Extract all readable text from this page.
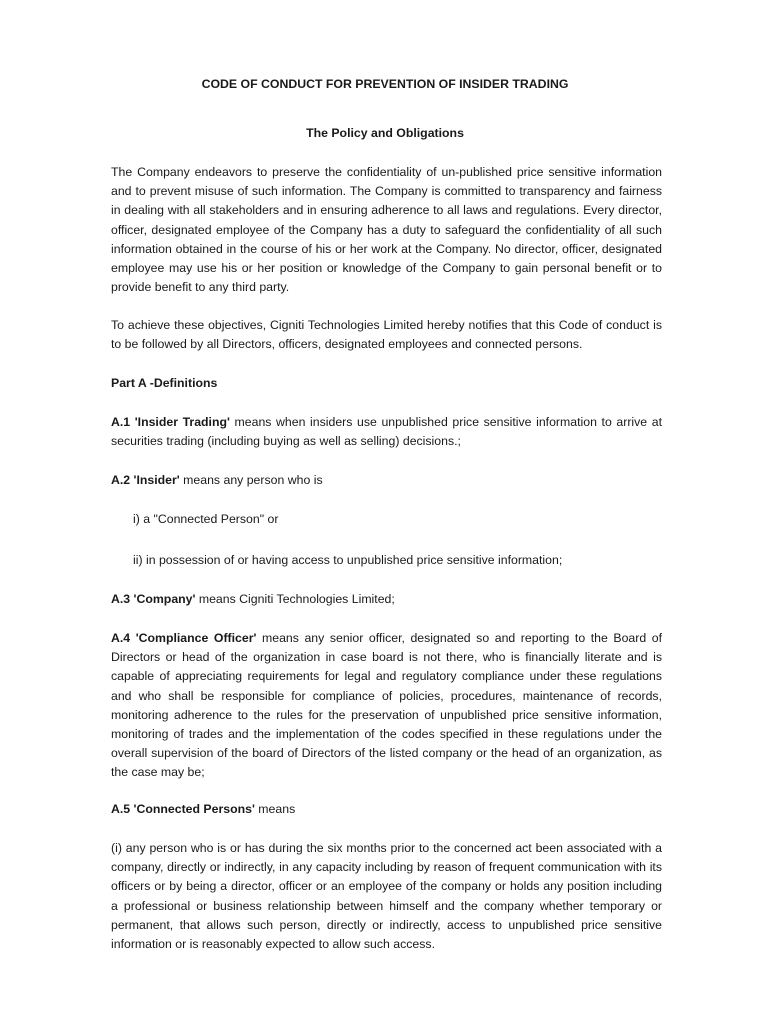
CODE OF CONDUCT FOR PREVENTION OF INSIDER TRADING
The Policy and Obligations

The Company endeavors to preserve the confidentiality of un-published price sensitive information and to prevent misuse of such information. The Company is committed to transparency and fairness in dealing with all stakeholders and in ensuring adherence to all laws and regulations. Every director, officer, designated employee of the Company has a duty to safeguard the confidentiality of all such information obtained in the course of his or her work at the Company. No director, officer, designated employee may use his or her position or knowledge of the Company to gain personal benefit or to provide benefit to any third party.

To achieve these objectives, Cigniti Technologies Limited hereby notifies that this Code of conduct is to be followed by all Directors, officers, designated employees and connected persons.

Part A -Definitions

A.1 'Insider Trading' means when insiders use unpublished price sensitive information to arrive at securities trading (including buying as well as selling) decisions.;

A.2 'Insider' means any person who is

i) a "Connected Person" or

ii) in possession of or having access to unpublished price sensitive information;

A.3 'Company' means Cigniti Technologies Limited;

A.4 'Compliance Officer' means any senior officer, designated so and reporting to the Board of Directors or head of the organization in case board is not there, who is financially literate and is capable of appreciating requirements for legal and regulatory compliance under these regulations and who shall be responsible for compliance of policies, procedures, maintenance of records, monitoring adherence to the rules for the preservation of unpublished price sensitive information, monitoring of trades and the implementation of the codes specified in these regulations under the overall supervision of the board of Directors of the listed company or the head of an organization, as the case may be;

A.5 'Connected Persons' means

(i) any person who is or has during the six months prior to the concerned act been associated with a company, directly or indirectly, in any capacity including by reason of frequent communication with its officers or by being a director, officer or an employee of the company or holds any position including a professional or business relationship between himself and the company whether temporary or permanent, that allows such person, directly or indirectly, access to unpublished price sensitive information or is reasonably expected to allow such access.
